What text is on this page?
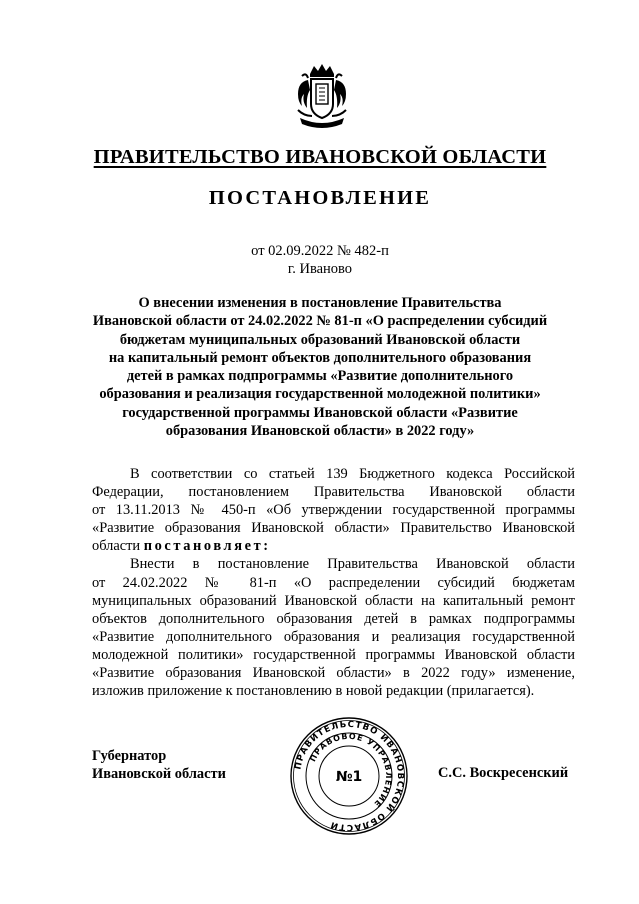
ПРАВИТЕЛЬСТВО ИВАНОВСКОЙ ОБЛАСТИ
ПОСТАНОВЛЕНИЕ
от 02.09.2022 № 482-п
г. Иваново
О внесении изменения в постановление Правительства
Ивановской области от 24.02.2022 № 81-п «О распределении субсидий
бюджетам муниципальных образований Ивановской области
на капитальный ремонт объектов дополнительного образования
детей в рамках подпрограммы «Развитие дополнительного
образования и реализация государственной молодежной политики»
государственной программы Ивановской области «Развитие
образования Ивановской области» в 2022 году»
В соответствии со статьей 139 Бюджетного кодекса Российской
Федерации, постановлением Правительства Ивановской области
от 13.11.2013 № 450-п «Об утверждении государственной программы
«Развитие образования Ивановской области» Правительство Ивановской
области постановляет:
Внести в постановление Правительства Ивановской области
от 24.02.2022 № 81-п «О распределении субсидий бюджетам
муниципальных образований Ивановской области на капитальный ремонт
объектов дополнительного образования детей в рамках подпрограммы
«Развитие дополнительного образования и реализация государственной
молодежной политики» государственной программы Ивановской области
«Развитие образования Ивановской области» в 2022 году» изменение,
изложив приложение к постановлению в новой редакции (прилагается).
Губернатор
Ивановской области
ПРАВИТЕЛЬСТВО ИВАНОВСКОЙ ОБЛАСТИ
ПРАВОВОЕ УПРАВЛЕНИЕ
№1	С.С. Воскресенский
